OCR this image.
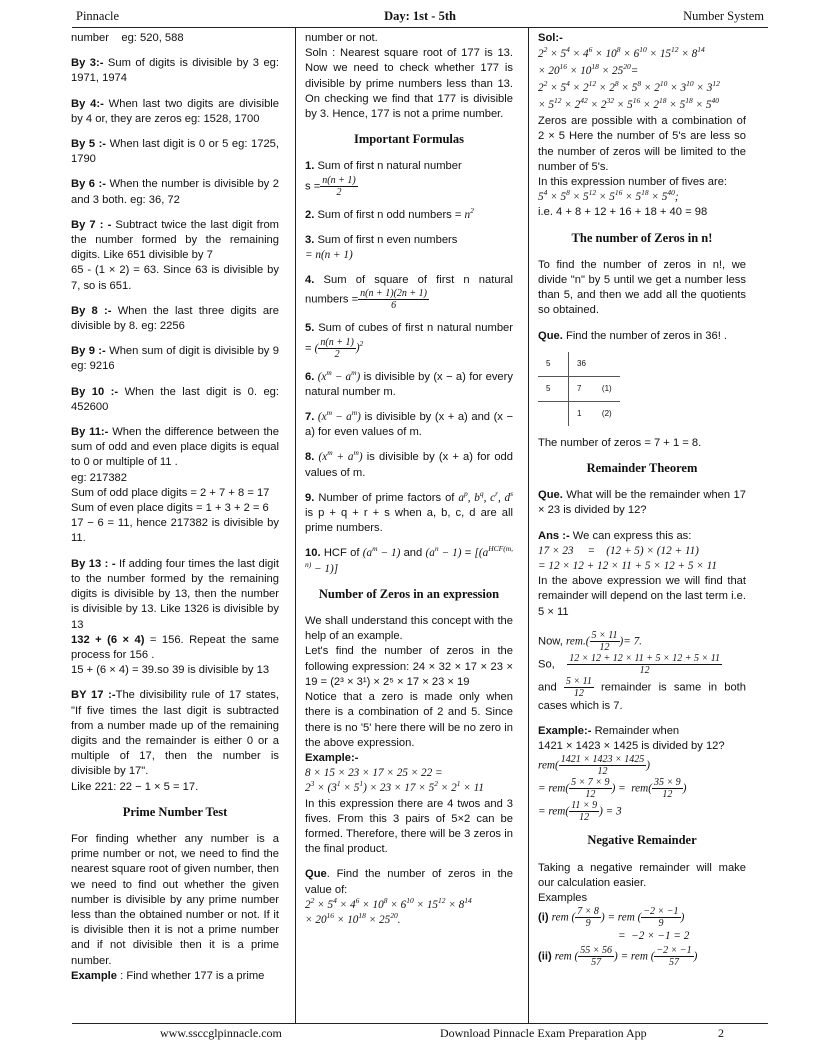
Pinnacle	Day: 1st - 5th	Number System

number    eg: 520, 588

By 3:- Sum of digits is divisible by 3 eg: 1971, 1974

By 4:- When last two digits are divisible by 4 or, they are zeros eg: 1528, 1700

By 5 :- When last digit is 0 or 5 eg: 1725, 1790

By 6 :- When the number is divisible by 2 and 3 both. eg: 36, 72

By 7 : - Subtract twice the last digit from the number formed by the remaining digits. Like 651 divisible by 7

65 - (1 × 2) = 63. Since 63 is divisible by 7, so is 651.

By 8 :- When the last three digits are divisible by 8. eg: 2256

By 9 :- When sum of digit is divisible by 9 eg: 9216

By 10 :- When the last digit is 0. eg: 452600

By 11:- When the difference between the sum of odd and even place digits is equal to 0 or multiple of 11 .

eg: 217382

Sum of odd place digits = 2 + 7 + 8 = 17

Sum of even place digits = 1 + 3 + 2 = 6

17 − 6 = 11, hence 217382 is divisible by 11.

By 13 : - If adding four times the last digit to the number formed by the remaining digits is divisible by 13, then the number is divisible by 13. Like 1326 is divisible by 13

132 + (6 × 4) = 156. Repeat the same process for 156 .

15 + (6 × 4) = 39.so 39 is divisible by 13

BY 17 :-The divisibility rule of 17 states, "If five times the last digit is subtracted from a number made up of the remaining digits and the remainder is either 0 or a multiple of 17, then the number is divisible by 17".

Like 221: 22 − 1 × 5 = 17.

Prime Number Test

For finding whether any number is a prime number or not, we need to find the nearest square root of given number, then we need to find out whether the given number is divisible by any prime number less than the obtained number or not. If it is divisible then it is not a prime number and if not divisible then it is a prime number.

Example : Find whether 177 is a prime

number or not.

Soln : Nearest square root of 177 is 13. Now we need to check whether 177 is divisible by prime numbers less than 13. On checking we find that 177 is divisible by 3. Hence, 177 is not a prime number.

Important Formulas

1. Sum of first n natural number

$s = \frac{n(n + 1)}{2}$

2. Sum of first n odd numbers = $n^2$

3. Sum of first n even numbers

= n(n + 1)

4. Sum of square of first n natural numbers = $\frac{n(n + 1)(2n + 1)}{6}$

5. Sum of cubes of first n natural number = ( $\frac{n(n + 1)}{2} )^2$

6. $(x^m - a^m)$ is divisible by (x − a) for every natural number m.

7. $(x^m - a^m)$ is divisible by (x + a) and (x − a) for even values of m.

8. $(x^m + a^m)$ is divisible by (x + a) for odd values of m.

9. Number of prime factors of $a^p$, $b^q$, $c^r$, $d^s$ is p + q + r + s when a, b, c, d are all prime numbers.

10. HCF of $(a^m - 1)$ and $(a^n - 1) = [(a^{HCF(m, n)} - 1)]$

Number of Zeros in an expression

We shall understand this concept with the help of an example.

Let's find the number of zeros in the following expression: 24 × 32 × 17 × 23 × 19 = (2³ × 3¹) × 2⁵ × 17 × 23 × 19

Notice that a zero is made only when there is a combination of 2 and 5. Since there is no '5' here there will be no zero in the above expression.

Example:-

8 × 15 × 23 × 17 × 25 × 22 =

$2^3 \times (3^1 \times 5^1) \times 23 \times 17 \times 5^2 \times 2^1 \times 11$

In this expression there are 4 twos and 3 fives. From this 3 pairs of 5×2 can be formed. Therefore, there will be 3 zeros in the final product.

Que. Find the number of zeros in the value of:

$2^2 \times 5^4 \times 4^6 \times 10^8 \times 6^{10} \times 15^{12} \times 8^{14}$

× $20^{16} \times 10^{18} \times 25^{20}$.

Sol:-

$2^2 \times 5^4 \times 4^6 \times 10^8 \times 6^{10} \times 15^{12} \times 8^{14}$
× $20^{16} \times 10^{18} \times 25^{20}=$
$2^2 \times 5^4 \times 2^{12} \times 2^8 \times 5^8 \times 2^{10} \times 3^{10} \times 3^{12}$
× $5^{12} \times 2^{42} \times 2^{32} \times 5^{16} \times 2^{18} \times 5^{18} \times 5^{40}$

Zeros are possible with a combination of 2 × 5 Here the number of 5's are less so the number of zeros will be limited to the number of 5's.

In this expression number of fives are:

$5^4 \times 5^8 \times 5^{12} \times 5^{16} \times 5^{18} \times 5^{40}$;

i.e. 4 + 8 + 12 + 16 + 18 + 40 = 98

The number of Zeros in n!

To find the number of zeros in n!, we divide "n" by 5 until we get a number less than 5, and then we add all the quotients so obtained.

Que. Find the number of zeros in 36! .

5	36	
5	7	(1)
	1	(2)

The number of zeros = 7 + 1 = 8.

Remainder Theorem

Que. What will be the remainder when 17 × 23 is divided by 12?

Ans :- We can express this as:

17 × 23     =    (12 + 5) × (12 + 11)

= 12 × 12 + 12 × 11 + 5 × 12 + 5 × 11

In the above expression we will find that remainder will depend on the last term i.e. 5 × 11

Now, $rem.( \frac{5 \times 11}{12}$ )= 7.

So, $\frac{12 \times 12 + 12 \times 11 + 5 \times 12 + 5 \times 11}{12}$

and $\frac{5 \times 11}{12}$ remainder is same in both cases which is 7.

Example:- Remainder when

1421 × 1423 × 1425 is divided by 12?

$rem( \frac{1421 \times 1423 \times 1425}{12}$ )

= $rem( \frac{5 \times 7 \times 9}{12}$ ) =  $rem( \frac{35 \times 9}{12}$ )

= $rem( \frac{11 \times 9}{12}$ ) = 3

Negative Remainder

Taking a negative remainder will make our calculation easier.

Examples

(i) rem ( $\frac{7 \times 8}{9}$ ) = rem ( $\frac{-2 \times -1}{9}$ )

=  −2 × −1 = 2

(ii) rem ( $\frac{55 \times 56}{57}$ ) = rem ( $\frac{-2 \times -1}{57}$ )

www.ssccglpinnacle.com	Download Pinnacle Exam Preparation App	2
